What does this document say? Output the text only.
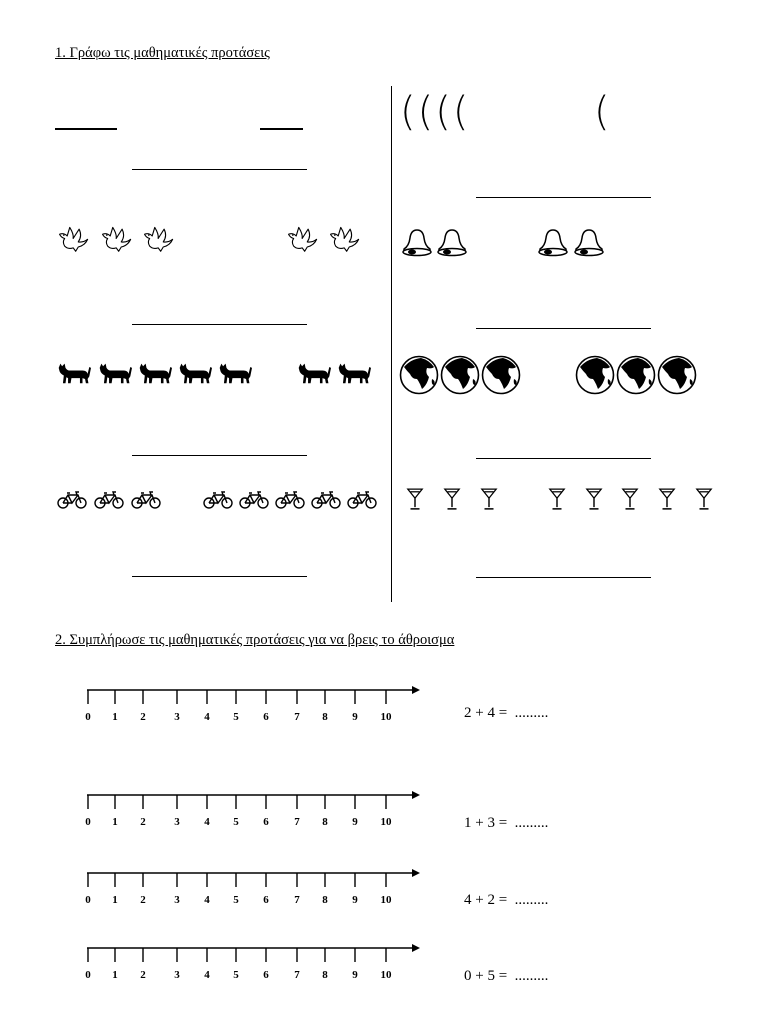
1. Γράφω τις μαθηματικές προτάσεις
((((	(
2. Συμπλήρωσε τις μαθηματικές προτάσεις για να βρεις το άθροισμα
0 1 2	3 4 5 6 7 8 9 10
0 1 2	3 4 5 6 7 8 9 10
0 1 2	3 4 5 6 7 8 9 10
0 1 2	3 4 5 6 7 8 9 10
2 + 4 =  .........
1 + 3 =  .........
4 + 2 =  .........
0 + 5 =  .........
